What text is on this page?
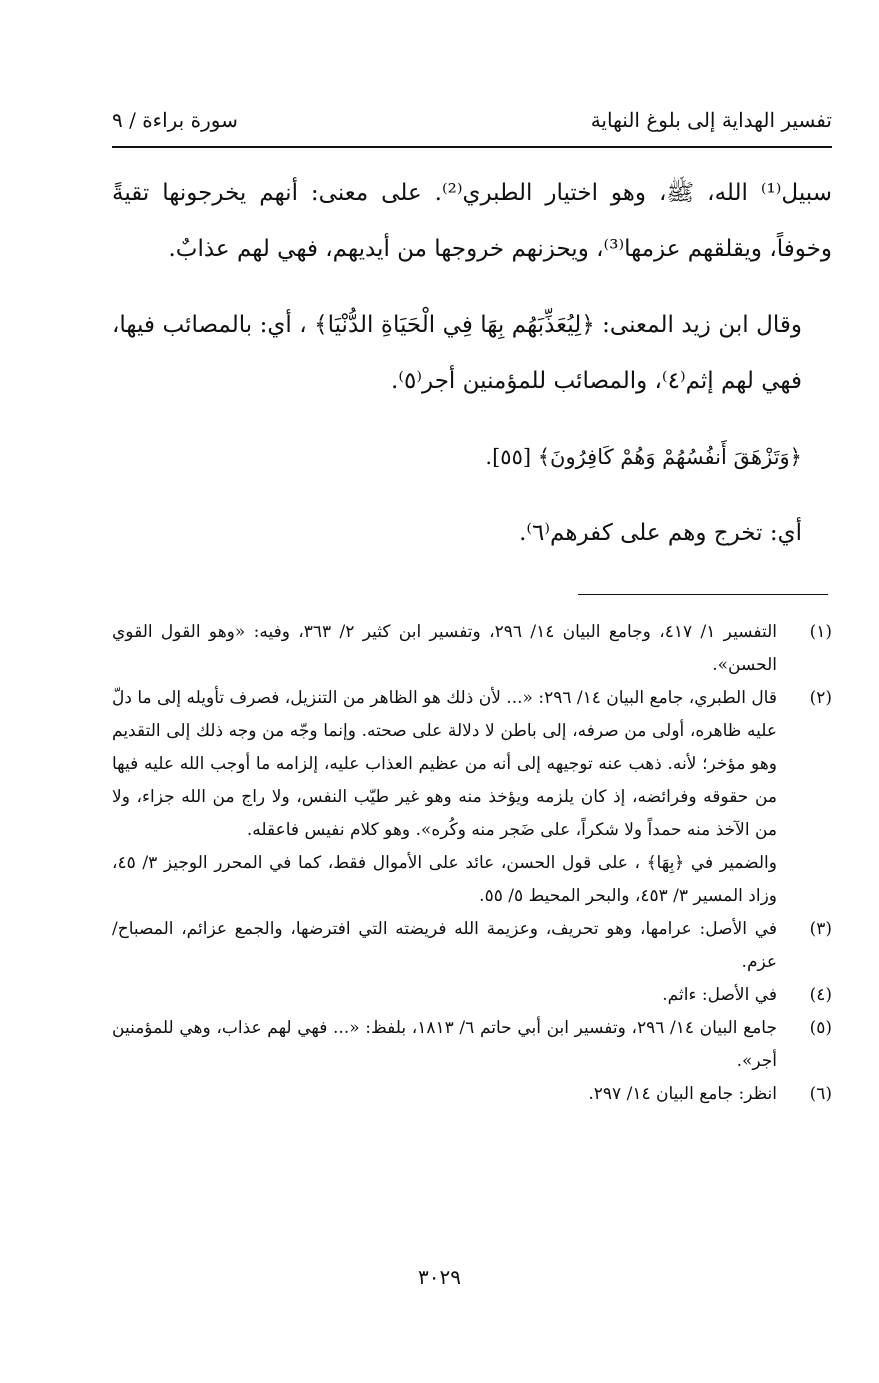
تفسير الهداية إلى بلوغ النهاية
سورة براءة / ٩

سبيل⁽¹⁾ الله، ﷺ، وهو اختيار الطبري⁽²⁾. على معنى: أنهم يخرجونها تقيةً وخوفاً، ويقلقهم عزمها⁽³⁾، ويحزنهم خروجها من أيديهم، فهي لهم عذابٌ.

وقال ابن زيد المعنى: ﴿لِيُعَذِّبَهُم بِهَا فِي الْحَيَاةِ الدُّنْيَا﴾ ، أي: بالمصائب فيها، فهي لهم إثم⁽٤⁾، والمصائب للمؤمنين أجر⁽٥⁾.

﴿وَتَزْهَقَ أَنفُسُهُمْ وَهُمْ كَافِرُونَ﴾ [٥٥].

أي: تخرج وهم على كفرهم⁽٦⁾.

(١)
التفسير ١/ ٤١٧، وجامع البيان ١٤/ ٢٩٦، وتفسير ابن كثير ٢/ ٣٦٣، وفيه: «وهو القول القوي الحسن».
(٢)
قال الطبري، جامع البيان ١٤/ ٢٩٦: «... لأن ذلك هو الظاهر من التنزيل، فصرف تأويله إلى ما دلّ عليه ظاهره، أولى من صرفه، إلى باطن لا دلالة على صحته. وإنما وجّه من وجه ذلك إلى التقديم وهو مؤخر؛ لأنه. ذهب عنه توجيهه إلى أنه من عظيم العذاب عليه، إلزامه ما أوجب الله عليه فيها من حقوقه وفرائضه، إذ كان يلزمه ويؤخذ منه وهو غير طيّب النفس، ولا راج من الله جزاء، ولا من الآخذ منه حمداً ولا شكراً، على ضَجر منه وكُره». وهو كلام نفيس فاعقله.
والضمير في ﴿بِهَا﴾ ، على قول الحسن، عائد على الأموال فقط، كما في المحرر الوجيز ٣/ ٤٥، وزاد المسير ٣/ ٤٥٣، والبحر المحيط ٥/ ٥٥.
(٣)
في الأصل: عرامها، وهو تحريف، وعزيمة الله فريضته التي افترضها، والجمع عزائم، المصباح/ عزم.
(٤)
في الأصل: ءاثم.
(٥)
جامع البيان ١٤/ ٢٩٦، وتفسير ابن أبي حاتم ٦/ ١٨١٣، بلفظ: «... فهي لهم عذاب، وهي للمؤمنين أجر».
(٦)
انظر: جامع البيان ١٤/ ٢٩٧.
٣٠٢٩
